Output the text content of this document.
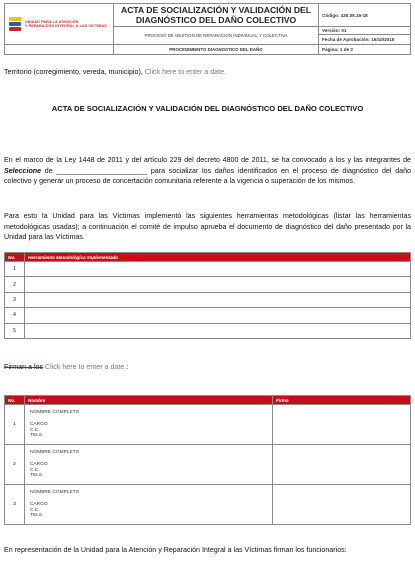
UNIDAD PARA LA ATENCIÓN
Y REPARACIÓN INTEGRAL A LAS VÍCTIMAS	ACTA DE SOCIALIZACIÓN Y VALIDACIÓN DEL DIAGNÓSTICO DEL DAÑO COLECTIVO	Código: 430.08.15-18
	PROCESO DE GESTION DE REPARACION INDIVIDUAL Y COLECTIVA	Versión: 01
		Fecha de Aprobación: 16/10/2015
	PROCEDIMIENTO DIAGNOSTICO DEL DAÑO	Página: 1 de 2
Territorio (corregimiento, vereda, municipio), Click here to enter a date.
ACTA DE SOCIALIZACIÓN Y VALIDACIÓN DEL DIAGNÓSTICO DEL DAÑO COLECTIVO
En el marco de la Ley 1448 de 2011 y del artículo 229 del decreto 4800 de 2011, se ha convocado a los y las integrantes de Seleccione de _______________________ para socializar los daños identificados en el proceso de diagnóstico del daño colectivo y generar un proceso de concertación comunitaria referente a la vigencia o superación de los mismos.
Para esto la Unidad para las Víctimas implementó las siguientes herramientas metodológicas (listar las herramientas metodológicas usadas); a continuación el comité de impulso aprueba el documento de diagnóstico del daño presentado por la Unidad para las Víctimas.
No.	Herramienta Metodológica Implementada
1	
2	
3	
4	
5	
Firman a los Click here to enter a date.:
No.	Nombre	Firma
1	NOMBRE COMPLETO
CARGO
C.C.
TELS.	

2	NOMBRE COMPLETO
CARGO
C.C.
TELS.	

3	NOMBRE COMPLETO
CARGO
C.C.
TELS.	

En representación de la Unidad para la Atención y Reparación Integral a las Víctimas firman los funcionarios:
